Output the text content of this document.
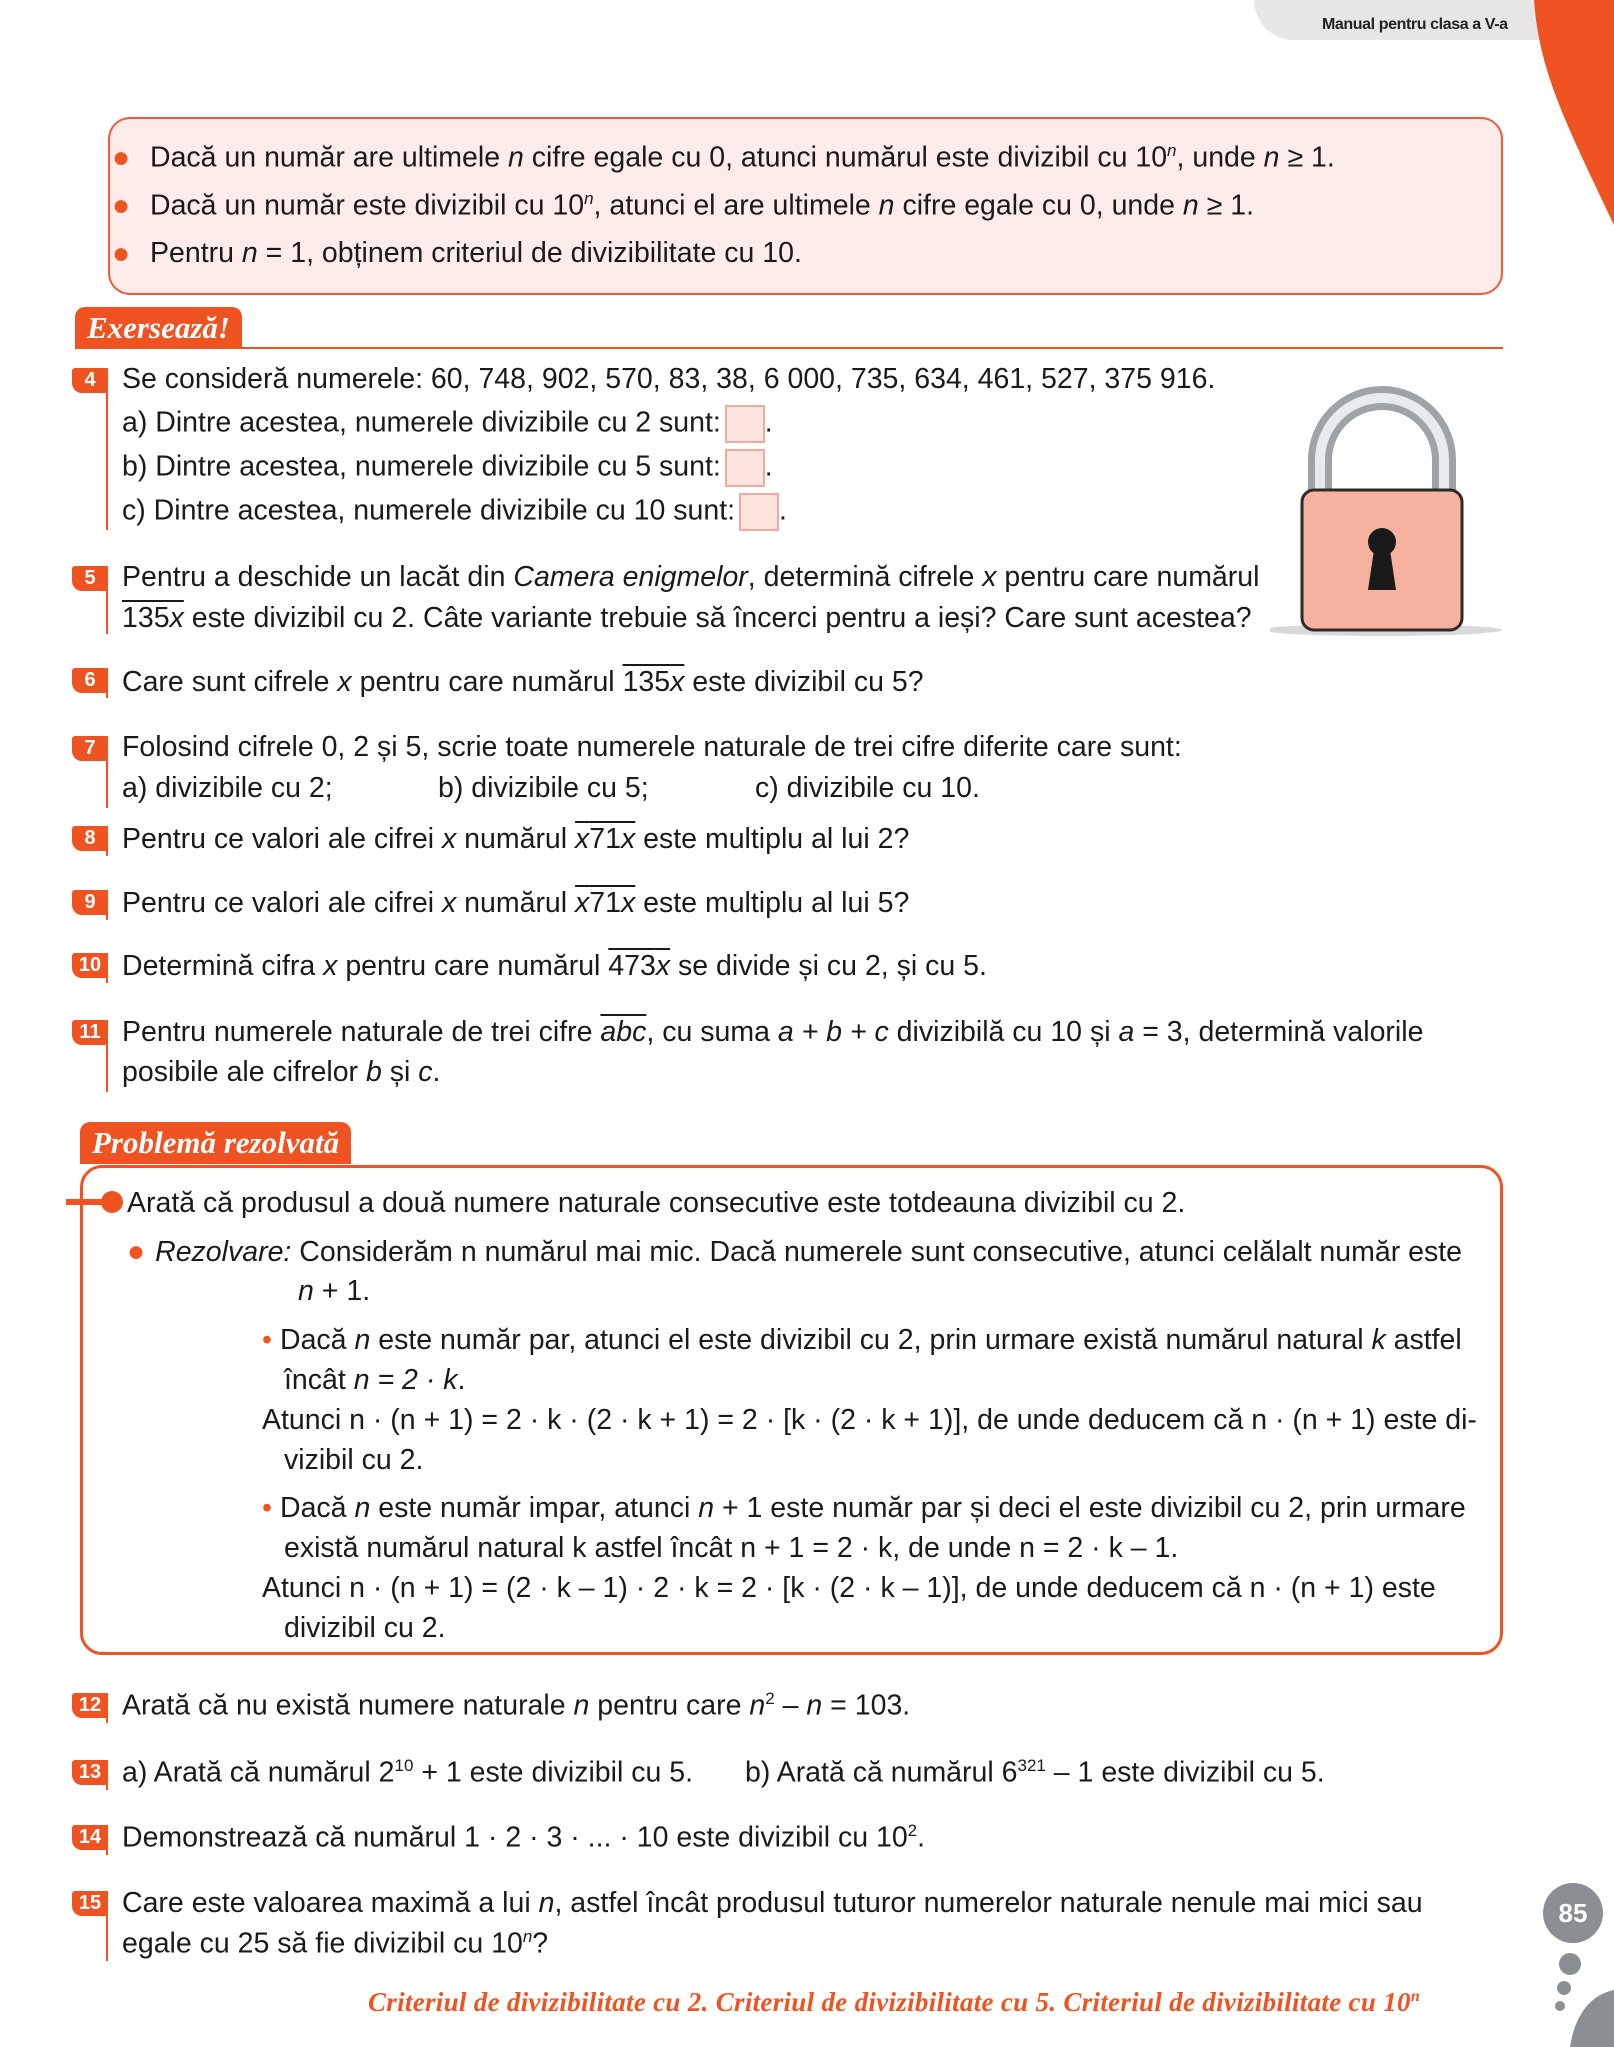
Manual pentru clasa a V-a 7
● Dacă un număr are ultimele n cifre egale cu 0, atunci numărul este divizibil cu 10$^n$, unde n ≥ 1.
● Dacă un număr este divizibil cu 10$^n$, atunci el are ultimele n cifre egale cu 0, unde n ≥ 1.
● Pentru n = 1, obținem criteriul de divizibilitate cu 10.
Exersează!
4 Se consideră numerele: 60, 748, 902, 570, 83, 38, 6 000, 735, 634, 461, 527, 375 916.
a) Dintre acestea, numerele divizibile cu 2 sunt: .
b) Dintre acestea, numerele divizibile cu 5 sunt: .
c) Dintre acestea, numerele divizibile cu 10 sunt: .
5 Pentru a deschide un lacăt din Camera enigmelor, determină cifrele x pentru care numărul
135x este divizibil cu 2. Câte variante trebuie să încerci pentru a ieși? Care sunt acestea?
6 Care sunt cifrele x pentru care numărul 135x este divizibil cu 5?
7 Folosind cifrele 0, 2 și 5, scrie toate numerele naturale de trei cifre diferite care sunt:
a) divizibile cu 2;	b) divizibile cu 5;	c) divizibile cu 10.
8 Pentru ce valori ale cifrei x numărul x71x este multiplu al lui 2?
9 Pentru ce valori ale cifrei x numărul x71x este multiplu al lui 5?
10 Determină cifra x pentru care numărul 473x se divide și cu 2, și cu 5.
11 Pentru numerele naturale de trei cifre $\overline{abc}$, cu suma a + b + c divizibilă cu 10 și a = 3, determină valorile
posibile ale cifrelor b și c.
Problemă rezolvată
Arată că produsul a două numere naturale consecutive este totdeauna divizibil cu 2.
● Rezolvare: Considerăm n numărul mai mic. Dacă numerele sunt consecutive, atunci celălalt număr este
n + 1.
• Dacă n este număr par, atunci el este divizibil cu 2, prin urmare există numărul natural k astfel
încât n = 2 · k.
Atunci n · (n + 1) = 2 · k · (2 · k + 1) = 2 · [k · (2 · k + 1)], de unde deducem că n · (n + 1) este di-
vizibil cu 2.
• Dacă n este număr impar, atunci n + 1 este număr par și deci el este divizibil cu 2, prin urmare
există numărul natural k astfel încât n + 1 = 2 · k, de unde n = 2 · k – 1.
Atunci n · (n + 1) = (2 · k – 1) · 2 · k = 2 · [k · (2 · k – 1)], de unde deducem că n · (n + 1) este
divizibil cu 2.
12 Arată că nu există numere naturale n pentru care $n^2 - n = 103$.
13 a) Arată că numărul $2^{10} + 1$ este divizibil cu 5. b) Arată că numărul $6^{321} - 1$ este divizibil cu 5.
14 Demonstrează că numărul 1 · 2 · 3 · ... · 10 este divizibil cu $10^2$.
15 Care este valoarea maximă a lui n, astfel încât produsul tuturor numerelor naturale nenule mai mici sau
egale cu 25 să fie divizibil cu 10$^n$?
85
Criteriul de divizibilitate cu 2. Criteriul de divizibilitate cu 5. Criteriul de divizibilitate cu 10$^n$
